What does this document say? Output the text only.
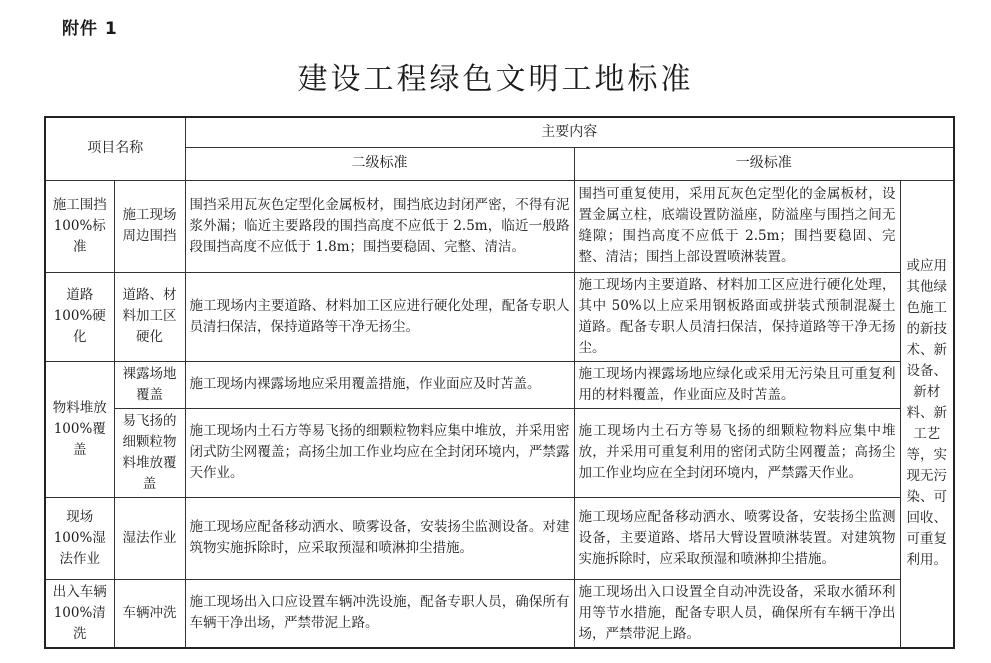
附件 1
建设工程绿色文明工地标准
项目名称		主要内容		
		二级标准	一级标准	
施工围挡100%标准	施工现场周边围挡	围挡采用瓦灰色定型化金属板材，围挡底边封闭严密，不得有泥浆外漏；临近主要路段的围挡高度不应低于 2.5m，临近一般路段围挡高度不应低于 1.8m；围挡要稳固、完整、清洁。	围挡可重复使用，采用瓦灰色定型化的金属板材，设置金属立柱，底端设置防溢座，防溢座与围挡之间无缝隙；围挡高度不应低于 2.5m；围挡要稳固、完整、清洁；围挡上部设置喷淋装置。	或应用其他绿色施工的新技术、新设备、新材料、新工艺等，实现无污染、可回收、可重复利用。
道路100%硬化	道路、材料加工区硬化	施工现场内主要道路、材料加工区应进行硬化处理，配备专职人员清扫保洁，保持道路等干净无扬尘。	施工现场内主要道路、材料加工区应进行硬化处理，其中 50%以上应采用钢板路面或拼装式预制混凝土道路。配备专职人员清扫保洁，保持道路等干净无扬尘。	
物料堆放100%覆盖	裸露场地覆盖	施工现场内裸露场地应采用覆盖措施，作业面应及时苫盖。	施工现场内裸露场地应绿化或采用无污染且可重复利用的材料覆盖，作业面应及时苫盖。	
	易飞扬的细颗粒物料堆放覆盖	施工现场内土石方等易飞扬的细颗粒物料应集中堆放，并采用密闭式防尘网覆盖；高扬尘加工作业均应在全封闭环境内，严禁露天作业。	施工现场内土石方等易飞扬的细颗粒物料应集中堆放，并采用可重复利用的密闭式防尘网覆盖；高扬尘加工作业均应在全封闭环境内，严禁露天作业。	
现场100%湿法作业	湿法作业	施工现场应配备移动洒水、喷雾设备，安装扬尘监测设备。对建筑物实施拆除时，应采取预湿和喷淋抑尘措施。	施工现场应配备移动洒水、喷雾设备，安装扬尘监测设备，主要道路、塔吊大臂设置喷淋装置。对建筑物实施拆除时，应采取预湿和喷淋抑尘措施。	
出入车辆100%清洗	车辆冲洗	施工现场出入口应设置车辆冲洗设施，配备专职人员，确保所有车辆干净出场，严禁带泥上路。	施工现场出入口设置全自动冲洗设备，采取水循环利用等节水措施，配备专职人员，确保所有车辆干净出场，严禁带泥上路。	
